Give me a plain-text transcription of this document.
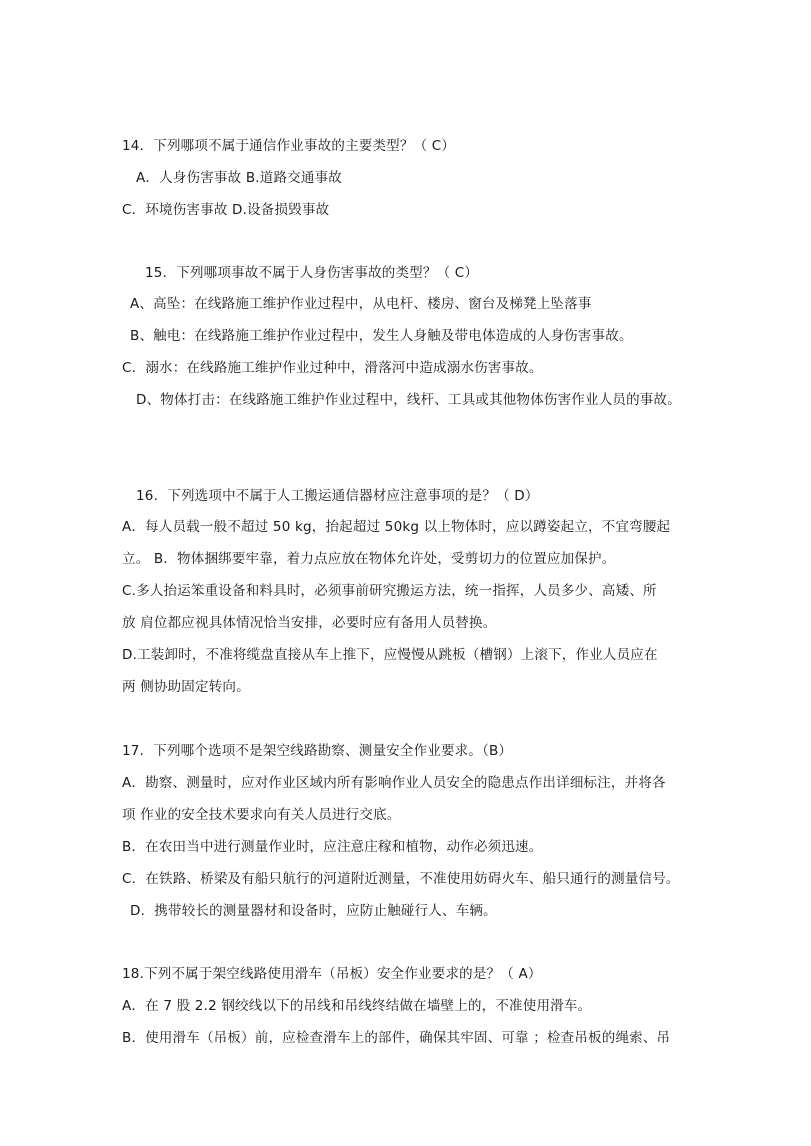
14．下列哪项不属于通信作业事故的主要类型？（ C）
A．人身伤害事故 B.道路交通事故
C．环境伤害事故 D.设备损毁事故
15．下列哪项事故不属于人身伤害事故的类型？（ C）
A、高坠：在线路施工维护作业过程中，从电杆、楼房、窗台及梯凳上坠落事
B、触电：在线路施工维护作业过程中，发生人身触及带电体造成的人身伤害事故。
C．溺水：在线路施工维护作业过种中，滑落河中造成溺水伤害事故。
D、物体打击：在线路施工维护作业过程中，线杆、工具或其他物体伤害作业人员的事故。
16．下列选项中不属于人工搬运通信器材应注意事项的是？（ D）
A．每人员载一般不超过 50 kg，抬起超过 50kg 以上物体时，应以蹲姿起立，不宜弯腰起
立。 B．物体捆绑要牢靠，着力点应放在物体允许处，受剪切力的位置应加保护。
C.多人抬运笨重设备和料具时，必须事前研究搬运方法，统一指挥，人员多少、高矮、所
放 肩位都应视具体情况恰当安排，必要时应有备用人员替换。
D.工装卸时，不准将缆盘直接从车上推下，应慢慢从跳板（槽钢）上滚下，作业人员应在
两 侧协助固定转向。
17．下列哪个选项不是架空线路勘察、测量安全作业要求。（B）
A．勘察、测量时，应对作业区域内所有影响作业人员安全的隐患点作出详细标注，并将各
项 作业的安全技术要求向有关人员进行交底。
B．在农田当中进行测量作业时，应注意庄稼和植物，动作必须迅速。
C．在铁路、桥梁及有船只航行的河道附近测量，不准使用妨碍火车、船只通行的测量信号。
D．携带较长的测量器材和设备时，应防止触碰行人、车辆。
18.下列不属于架空线路使用滑车（吊板）安全作业要求的是？（ A）
A．在 7 股 2.2 钢绞线以下的吊线和吊线终结做在墙壁上的，不准使用滑车。
B．使用滑车（吊板）前，应检查滑车上的部件，确保其牢固、可靠 ；检查吊板的绳索、吊
